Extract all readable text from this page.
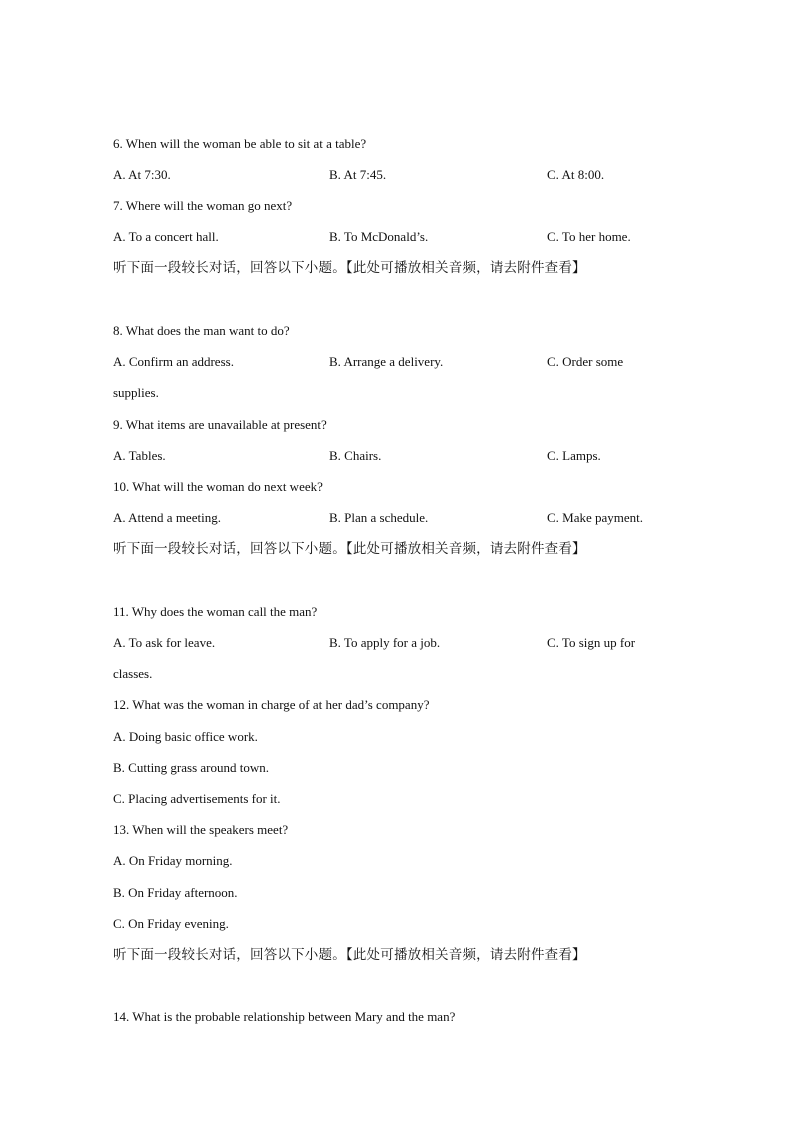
6. When will the woman be able to sit at a table?
A. At 7:30.	B. At 7:45.	C. At 8:00.
7. Where will the woman go next?
A. To a concert hall.	B. To McDonald’s.	C. To her home.
听下面一段较长对话，回答以下小题。【此处可播放相关音频，请去附件查看】
8. What does the man want to do?
A. Confirm an address.	B. Arrange a delivery.	C. Order some
supplies.
9. What items are unavailable at present?
A. Tables.	B. Chairs.	C. Lamps.
10. What will the woman do next week?
A. Attend a meeting.	B. Plan a schedule.	C. Make payment.
听下面一段较长对话，回答以下小题。【此处可播放相关音频，请去附件查看】
11. Why does the woman call the man?
A. To ask for leave.	B. To apply for a job.	C. To sign up for
classes.
12. What was the woman in charge of at her dad’s company?
A. Doing basic office work.
B. Cutting grass around town.
C. Placing advertisements for it.
13. When will the speakers meet?
A. On Friday morning.
B. On Friday afternoon.
C. On Friday evening.
听下面一段较长对话，回答以下小题。【此处可播放相关音频，请去附件查看】
14. What is the probable relationship between Mary and the man?
